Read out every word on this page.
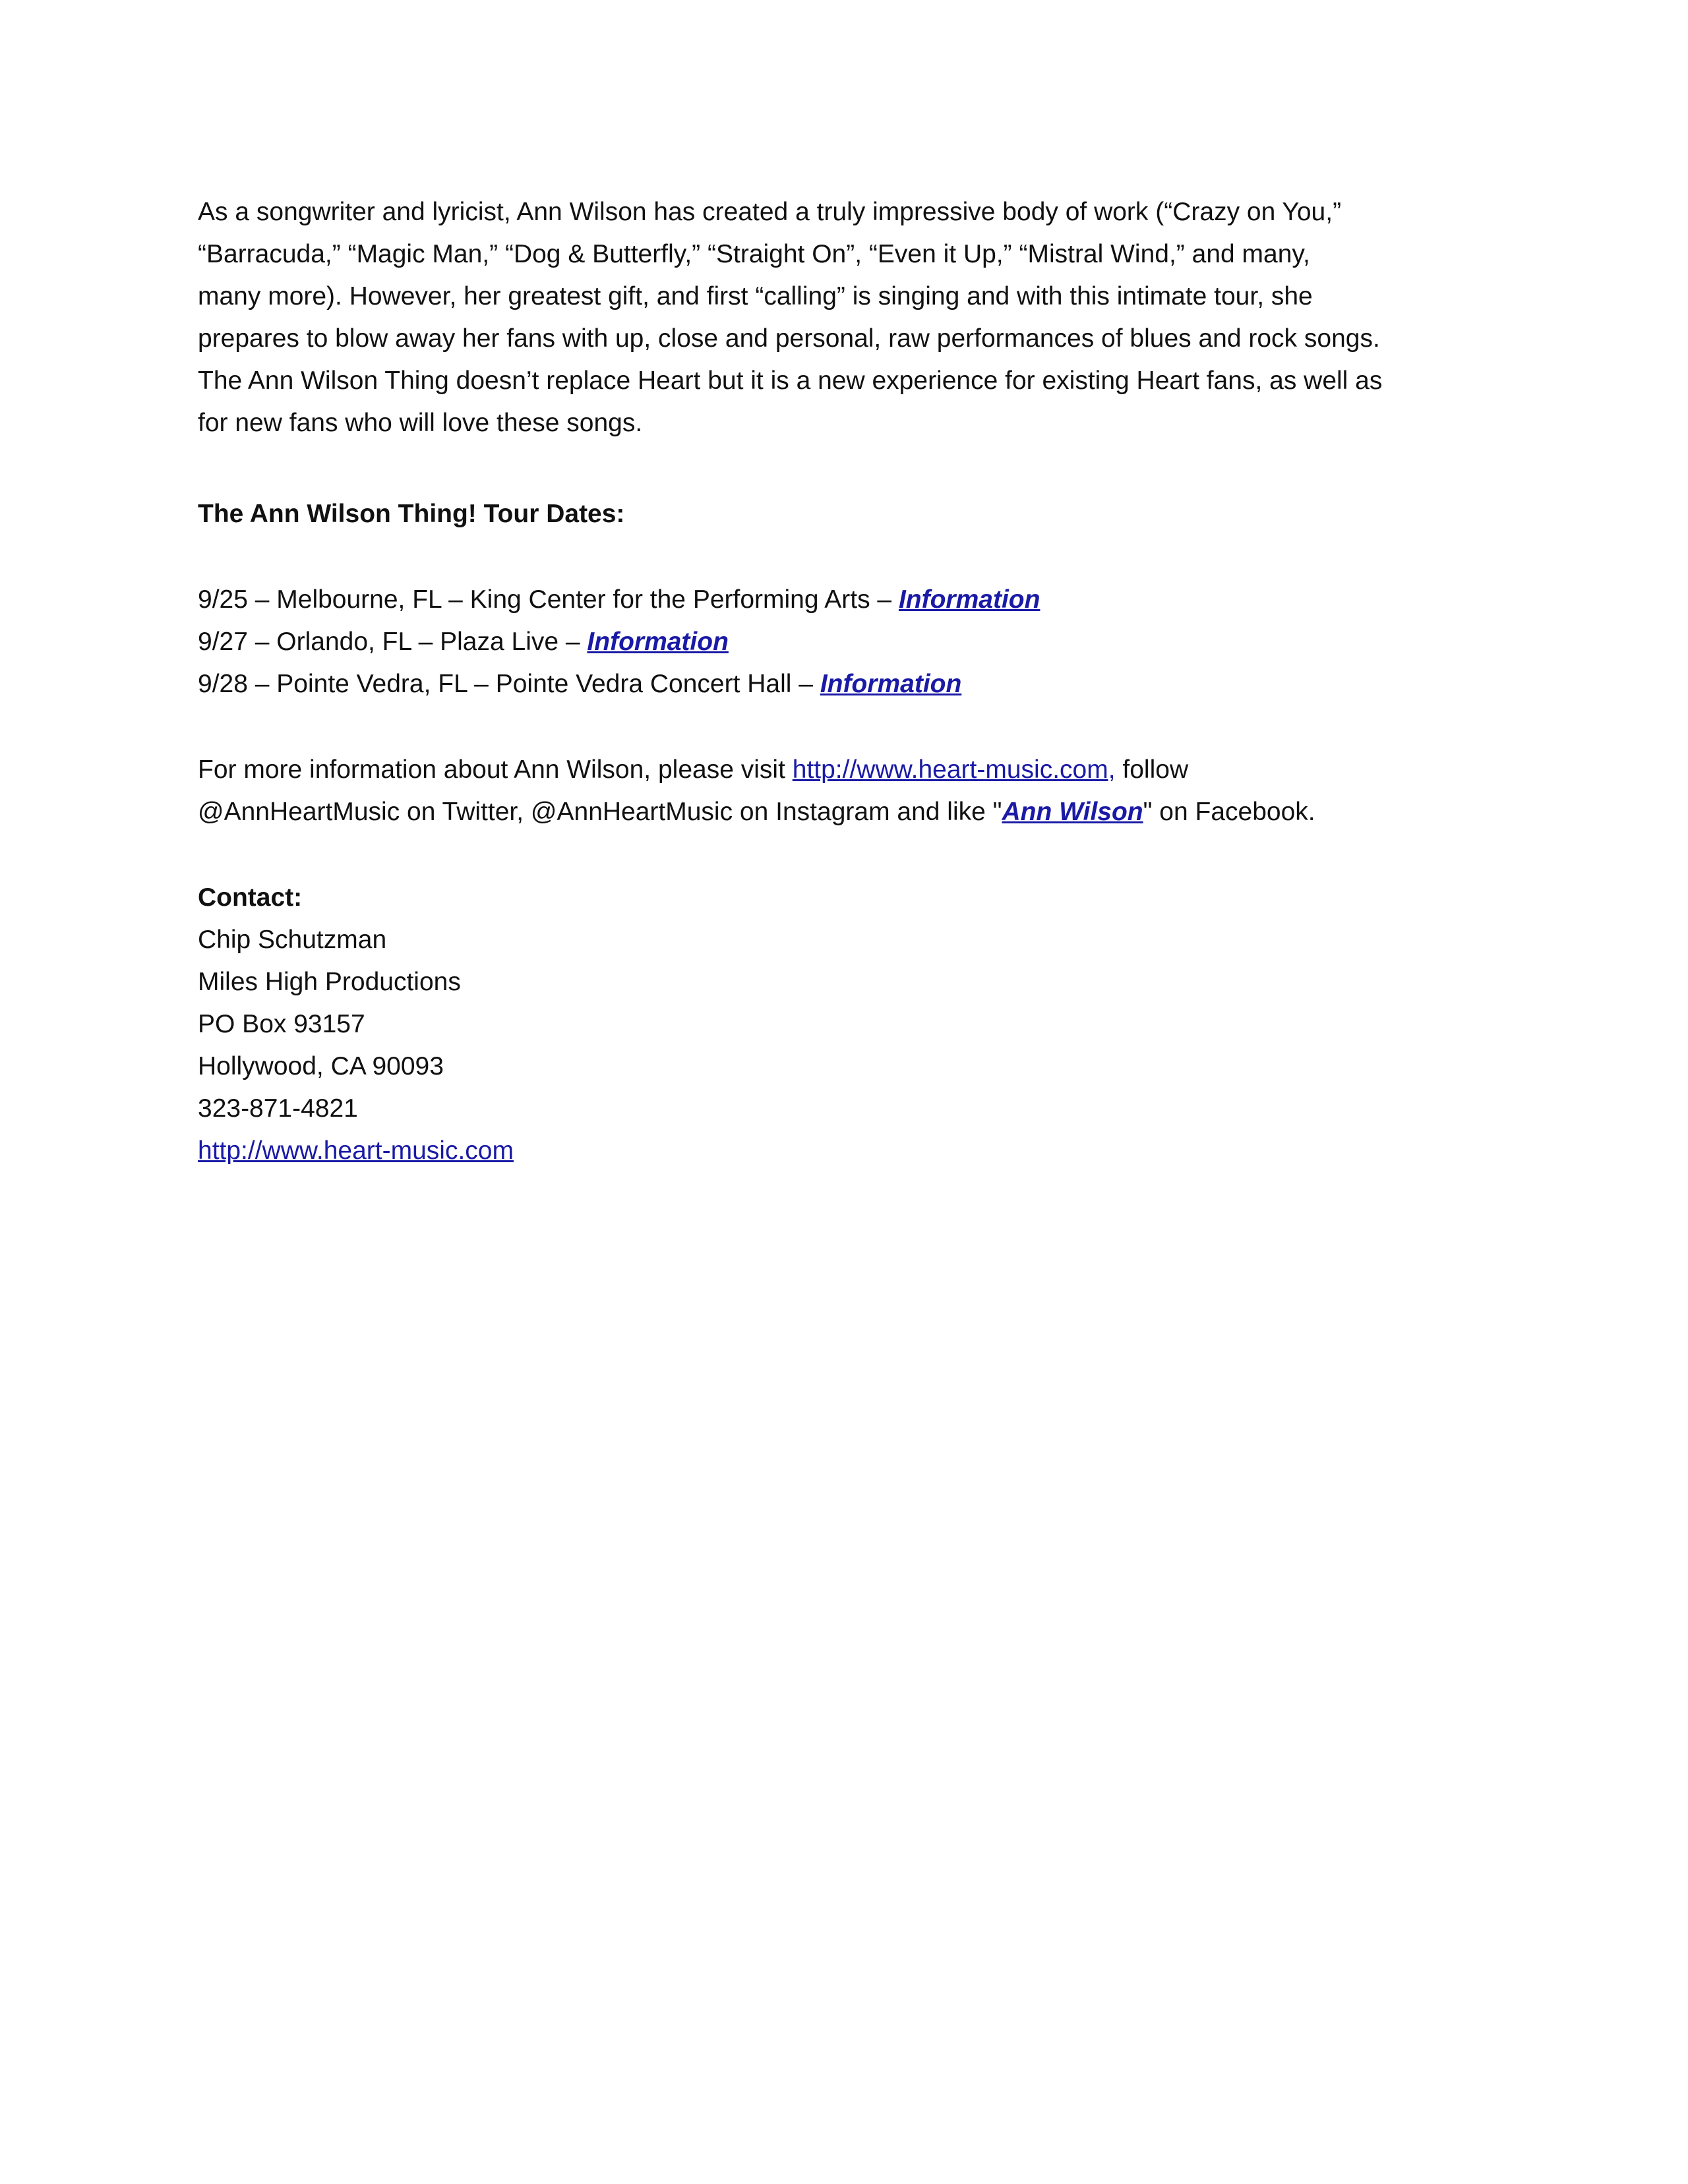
As a songwriter and lyricist, Ann Wilson has created a truly impressive body of work (“Crazy on You,”
“Barracuda,” “Magic Man,” “Dog & Butterfly,” “Straight On”, “Even it Up,” “Mistral Wind,” and many,
many more). However, her greatest gift, and first “calling” is singing and with this intimate tour, she
prepares to blow away her fans with up, close and personal, raw performances of blues and rock songs.
The Ann Wilson Thing doesn’t replace Heart but it is a new experience for existing Heart fans, as well as
for new fans who will love these songs.

The Ann Wilson Thing! Tour Dates:
9/25 – Melbourne, FL – King Center for the Performing Arts – Information
9/27 – Orlando, FL – Plaza Live – Information
9/28 – Pointe Vedra, FL – Pointe Vedra Concert Hall – Information

For more information about Ann Wilson, please visit http://www.heart-music.com, follow
@AnnHeartMusic on Twitter, @AnnHeartMusic on Instagram and like "Ann Wilson" on Facebook.

Contact:
Chip Schutzman
Miles High Productions
PO Box 93157
Hollywood, CA 90093
323-871-4821
http://www.heart-music.com
